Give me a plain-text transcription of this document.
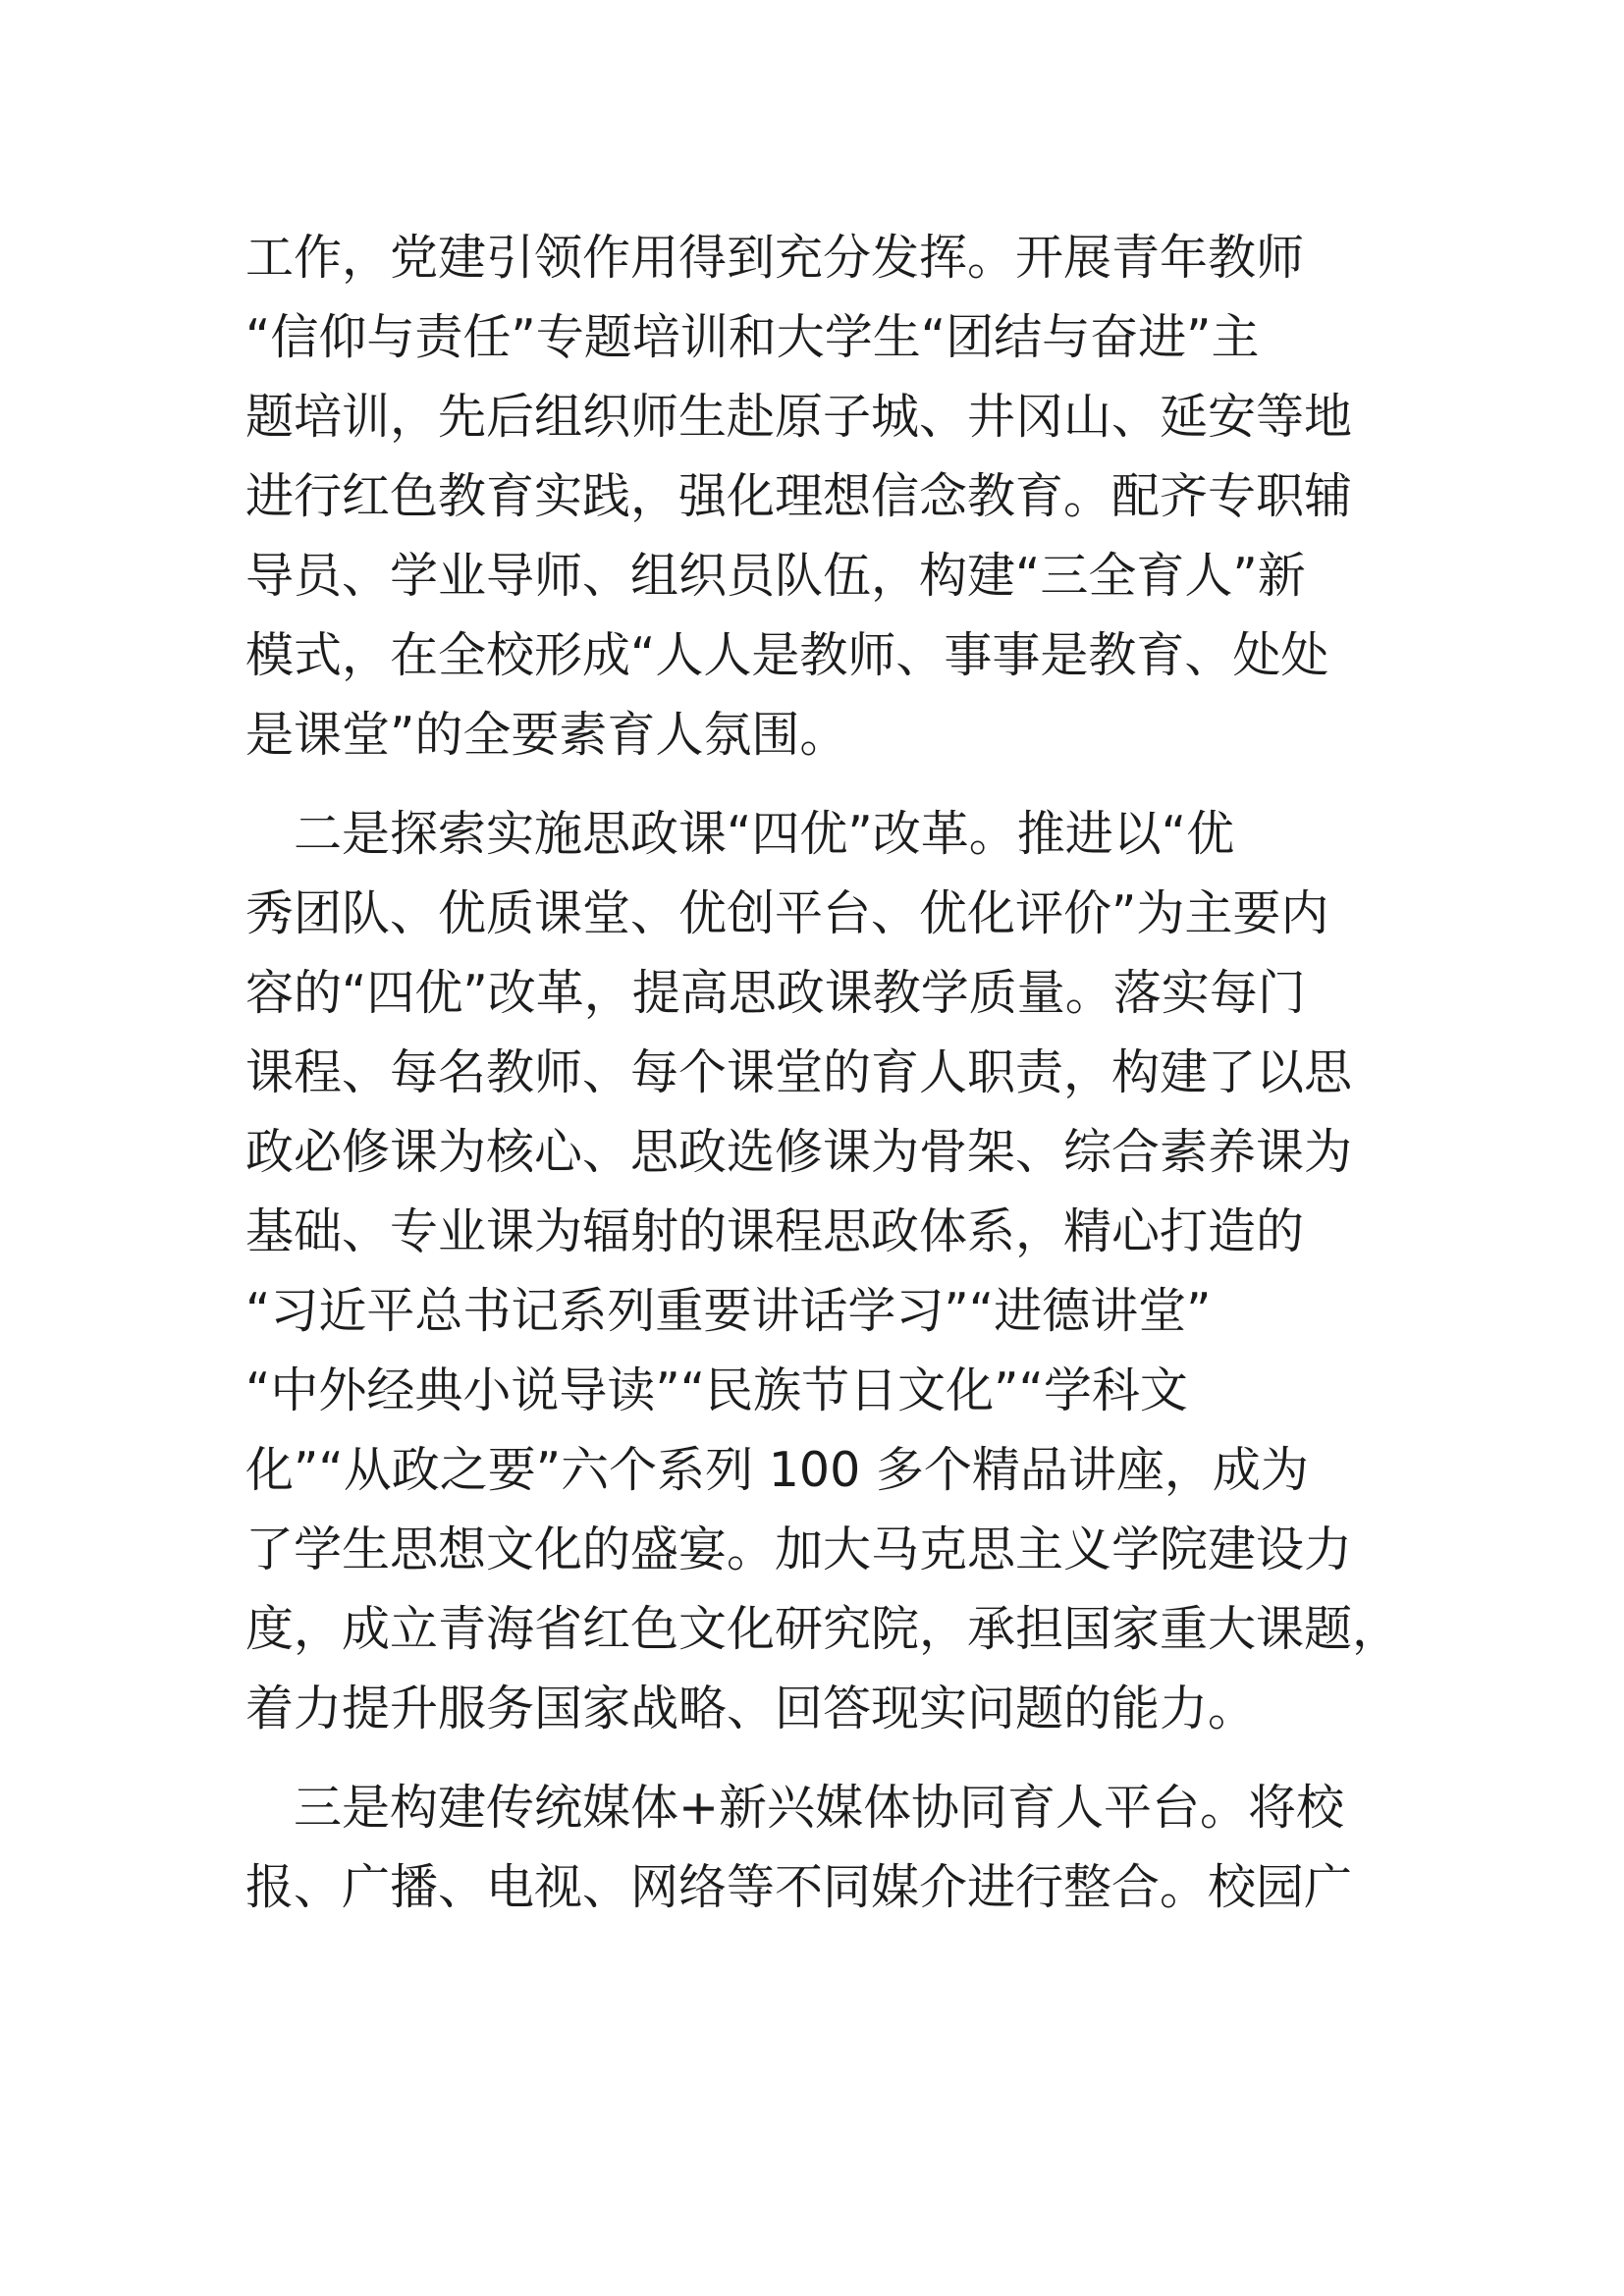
工作，党建引领作用得到充分发挥。开展青年教师
“信仰与责任”专题培训和大学生“团结与奋进”主
题培训，先后组织师生赴原子城、井冈山、延安等地
进行红色教育实践，强化理想信念教育。配齐专职辅
导员、学业导师、组织员队伍，构建“三全育人”新
模式，在全校形成“人人是教师、事事是教育、处处
是课堂”的全要素育人氛围。
　二是探索实施思政课“四优”改革。推进以“优
秀团队、优质课堂、优创平台、优化评价”为主要内
容的“四优”改革，提高思政课教学质量。落实每门
课程、每名教师、每个课堂的育人职责，构建了以思
政必修课为核心、思政选修课为骨架、综合素养课为
基础、专业课为辐射的课程思政体系，精心打造的
“习近平总书记系列重要讲话学习”“进德讲堂”
“中外经典小说导读”“民族节日文化”“学科文
化”“从政之要”六个系列 100 多个精品讲座，成为
了学生思想文化的盛宴。加大马克思主义学院建设力
度，成立青海省红色文化研究院，承担国家重大课题，
着力提升服务国家战略、回答现实问题的能力。
　三是构建传统媒体+新兴媒体协同育人平台。将校
报、广播、电视、网络等不同媒介进行整合。校园广
